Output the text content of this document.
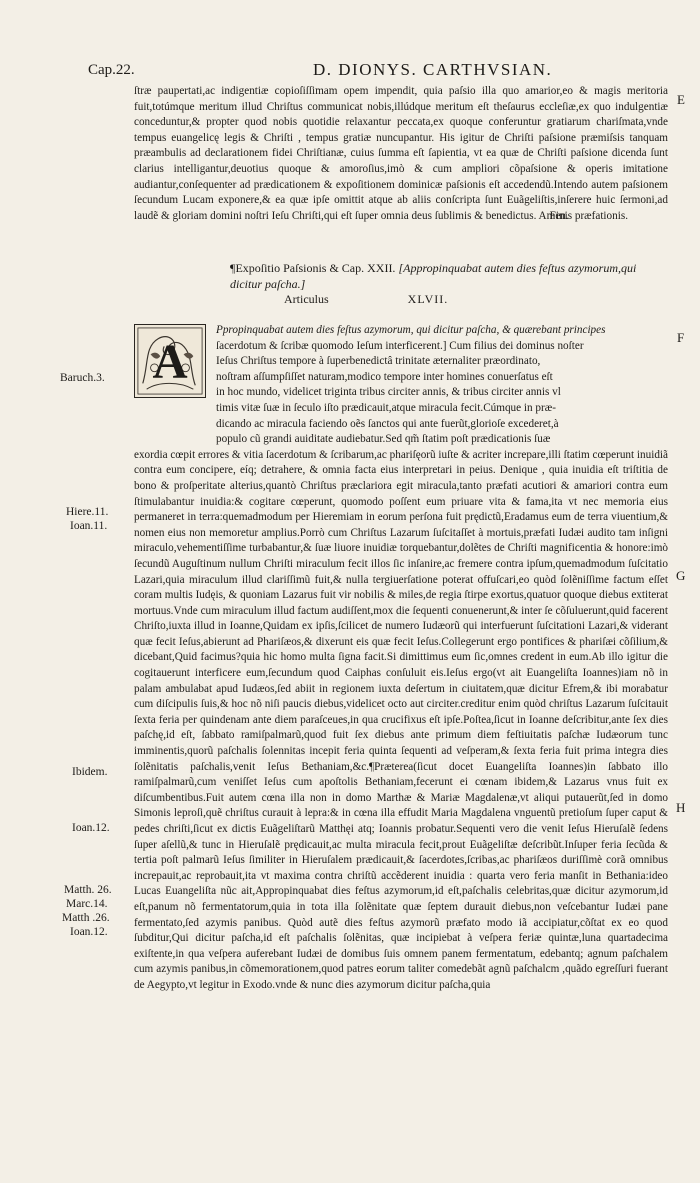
Cap.22.	D. DIONYS. CARTHVSIAN.

ſtræ paupertati,ac indigentiæ copioſiſſimam opem impendit, quia paſsio illa quo amarior,eo & magis meritoria fuit,totúmque meritum illud Chriſtus communicat nobis,illúdque meritum eſt theſaurus eccleſiæ,ex quo indulgentiæ conceduntur,& propter quod nobis quotidie relaxantur peccata,ex quoque conferuntur gratiarum chariſmata,vnde tempus euangelicę legis & Chriſti , tempus gratiæ nuncupantur. His igitur de Chriſti paſsione præmiſsis tanquam præambulis ad declarationem fidei Chriſtianæ, cuius ſumma eſt ſapientia, vt ea quæ de Chriſti paſsione dicenda ſunt clarius intelligantur,deuotius quoque & amoroſius,imò & cum ampliori cõpaſsione & operis imitatione audiantur,conſequenter ad prædicationem & expoſitionem dominicæ paſsionis eſt accedendũ.Intendo autem paſsionem ſecundum Lucam exponere,& ea quæ ipſe omittit atque ab aliis conſcripta ſunt Euãgeliſtis,inſerere huic ſermoni,ad laudẽ & gloriam domini noſtri Ieſu Chriſti,qui eſt ſuper omnia deus ſublimis & benedictus. Amen.

Finis præfationis.
¶Expoſitio Paſsionis & Cap. XXII. [Appropinquabat autem dies feſtus azymorum,qui dicitur paſcha.]
Articulus	XLVII.
A
Ppropinquabat autem dies feſtus azymorum, qui dicitur paſcha, & quærebant principes
ſacerdotum & ſcribæ quomodo Ieſum interficerent.] Cum filius dei dominus noſter
Ieſus Chriſtus tempore à ſuperbenedictâ trinitate æternaliter præordinato,
noſtram aſſumpſiſſet naturam,modico tempore inter homines conuerſatus eſt
in hoc mundo, videlicet triginta tribus circiter annis, & tribus circiter annis vl
timis vitæ ſuæ in ſeculo iſto prædicauit,atque miracula fecit.Cúmque in præ-
dicando ac miracula faciendo oẽs ſanctos qui ante fuerũt,glorioſe excederet,à
populo cũ grandi auiditate audiebatur.Sed qm̃ ſtatim poſt prædicationis ſuæ

exordia cœpit errores & vitia ſacerdotum & ſcribarum,ac phariſęorũ iuſte & acriter increpare,illi ſtatim cœperunt inuidiã contra eum concipere, eíq; detrahere, & omnia facta eius interpretari in peius. Denique , quia inuidia eſt triſtitia de bono & proſperitate alterius,quantò Chriſtus præclariora egit miracula,tanto præfati acutiori & amariori contra eum ſtimulabantur inuidia:& cogitare cœperunt, quomodo poſſent eum priuare vita & fama,ita vt nec memoria eius permaneret in terra:quemadmodum per Hieremiam in eorum perſona fuit prędictũ,Eradamus eum de terra viuentium,& nomen eius non memoretur amplius.Porrò cum Chriſtus Lazarum ſuſcitaſſet à mortuis,præfati Iudæi audito tam inſigni miraculo,vehementiſſime turbabantur,& ſuæ liuore inuidiæ torquebantur,dolẽtes de Chriſti magnificentia & honore:imò ſecundũ Auguſtinum nullum Chriſti miraculum fecit illos ſic inſanire,ac fremere contra ipſum,quemadmodum ſuſcitatio Lazari,quia miraculum illud clariſſimũ fuit,& nulla tergiuerſatione poterat offuſcari,eo quòd ſolẽniſſime factum eſſet coram multis Iudęis, & quoniam Lazarus fuit vir nobilis & miles,de regia ſtirpe exortus,quatuor quoque diebus extiterat mortuus.Vnde cum miraculum illud factum audiſſent,mox die ſequenti conuenerunt,& inter ſe cõſuluerunt,quid facerent Chriſto,iuxta illud in Ioanne,Quidam ex ipſis,ſcilicet de numero Iudæorũ qui interfuerunt ſuſcitationi Lazari,& viderant quæ fecit Ieſus,abierunt ad Phariſæos,& dixerunt eis quæ fecit Ieſus.Collegerunt ergo pontifices & phariſæi cõſilium,& dicebant,Quid facimus?quia hic homo multa ſigna facit.Si dimittimus eum ſic,omnes credent in eum.Ab illo igitur die cogitauerunt interficere eum,ſecundum quod Caiphas conſuluit eis.Ieſus ergo(vt ait Euangeliſta Ioannes)iam nõ in palam ambulabat apud Iudæos,ſed abiit in regionem iuxta deſertum in ciuitatem,quæ dicitur Efrem,& ibi morabatur cum diſcipulis ſuis,& hoc nõ niſi paucis diebus,videlicet octo aut circiter.creditur enim quòd chriſtus Lazarum ſuſcitauit ſexta feria per quindenam ante diem paraſceues,in qua crucifixus eſt ipſe.Poſtea,ſicut in Ioanne deſcribitur,ante ſex dies paſchę,id eſt, ſabbato ramiſpalmarũ,quod fuit ſex diebus ante primum diem feſtiuitatis paſchæ Iudæorum tunc imminentis,quorũ paſchalis ſolennitas incepit feria quinta ſequenti ad veſperam,& ſexta feria fuit prima integra dies ſolẽnitatis paſchalis,venit Ieſus Bethaniam,&c.¶Præterea(ſicut docet Euangeliſta Ioannes)in ſabbato illo ramiſpalmarũ,cum veniſſet Ieſus cum apoſtolis Bethaniam,fecerunt ei cœnam ibidem,& Lazarus vnus fuit ex diſcumbentibus.Fuit autem cœna illa non in domo Marthæ & Mariæ Magdalenæ,vt aliqui putauerũt,ſed in domo Simonis leproſi,quẽ chriſtus curauit à lepra:& in cœna illa effudit Maria Magdalena vnguentũ pretioſum ſuper caput & pedes chriſti,ſicut ex dictis Euãgeliſtarũ Matthęi atq; Ioannis probatur.Sequenti vero die venit Ieſus Hieruſalẽ ſedens ſuper aſellũ,& tunc in Hieruſalẽ prędicauit,ac multa miracula fecit,prout Euãgeliſtæ deſcribũt.Inſuper feria ſecũda & tertia poſt palmarũ Ieſus ſimiliter in Hieruſalem prædicauit,& ſacerdotes,ſcribas,ac phariſæos duriſſimè corã omnibus increpauit,ac reprobauit,ita vt maxima contra chriſtũ accẽderent inuidia : quarta vero feria manſit in Bethania:ideo Lucas Euangeliſta nũc ait,Appropinquabat dies feſtus azymorum,id eſt,paſchalis celebritas,quæ dicitur azymorum,id eſt,panum nõ fermentatorum,quia in tota illa ſolẽnitate quæ ſeptem durauit diebus,non veſcebantur Iudæi pane fermentato,ſed azymis panibus. Quòd autẽ dies feſtus azymorũ præfato modo iã accipiatur,cõſtat ex eo quod ſubditur,Qui dicitur paſcha,id eſt paſchalis ſolẽnitas, quæ incipiebat à veſpera feriæ quintæ,luna quartadecima exiſtente,in qua veſpera auferebant Iudæi de domibus ſuis omnem panem fermentatum, edebantq; agnum paſchalem cum azymis panibus,in cõmemorationem,quod patres eorum taliter comedebãt agnũ paſchalcm ,quãdo egreſſuri fuerant de Aegypto,vt legitur in Exodo.vnde & nunc dies azymorum dicitur paſcha,quia

Baruch.3.
Hiere.11.
Ioan.11.
Ibidem.
Ioan.12.
Matth. 26.
Marc.14.
Matth .26.
Ioan.12.
E
F
G
H
